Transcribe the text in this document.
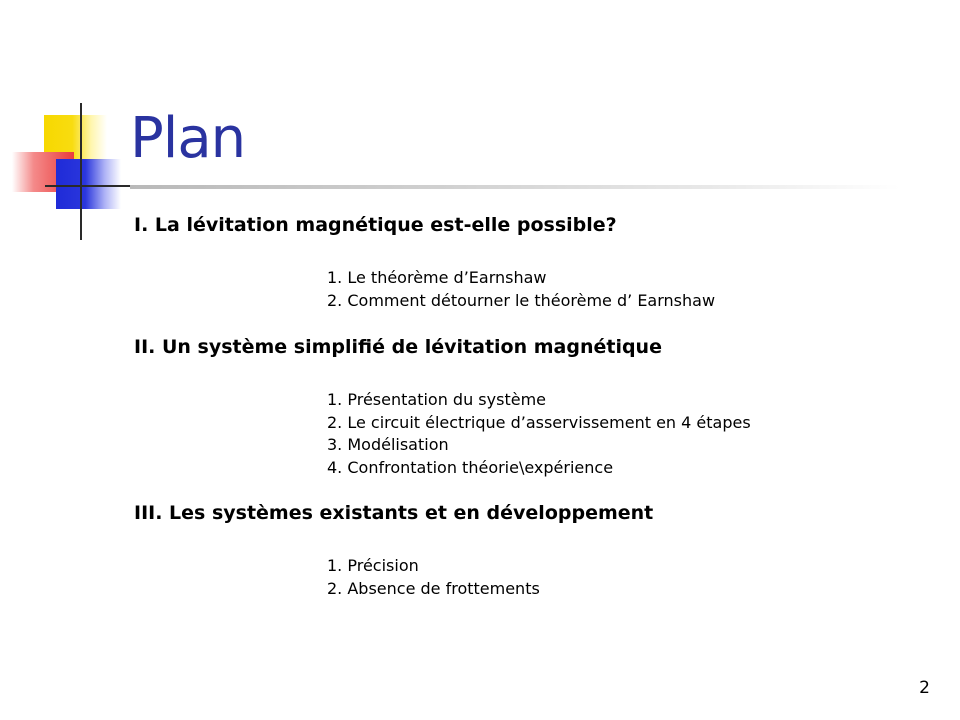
Plan
I. La lévitation magnétique est-elle possible?
1. Le théorème d’Earnshaw
2. Comment détourner le théorème d’ Earnshaw
II. Un système simplifié de lévitation magnétique
1. Présentation du système
2. Le circuit électrique d’asservissement en 4 étapes
3. Modélisation
4. Confrontation théorie\expérience
III. Les systèmes existants et en développement
1. Précision
2. Absence de frottements
2
